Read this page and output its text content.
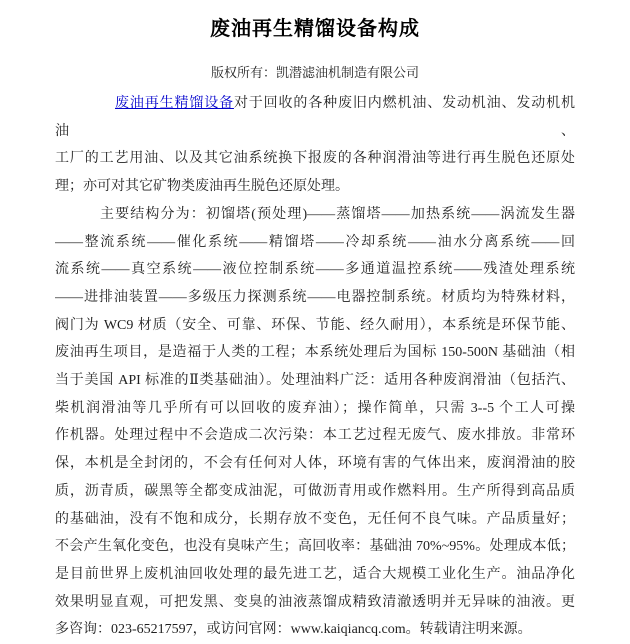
废油再生精馏设备构成
版权所有：凯潜滤油机制造有限公司
废油再生精馏设备对于回收的各种废旧内燃机油、发动机油、发动机机油、
工厂的工艺用油、以及其它油系统换下报废的各种润滑油等进行再生脱色还原处
理；亦可对其它矿物类废油再生脱色还原处理。
主要结构分为：初馏塔(预处理)——蒸馏塔——加热系统——涡流发生器
——整流系统——催化系统——精馏塔——冷却系统——油水分离系统——回
流系统——真空系统——液位控制系统——多通道温控系统——残渣处理系统
——进排油装置——多级压力探测系统——电器控制系统。材质均为特殊材料，
阀门为 WC9 材质（安全、可靠、环保、节能、经久耐用），本系统是环保节能、
废油再生项目，是造福于人类的工程；本系统处理后为国标 150-500N 基础油（相
当于美国 API 标准的Ⅱ类基础油）。处理油料广泛：适用各种废润滑油（包括汽、
柴机润滑油等几乎所有可以回收的废弃油）；操作简单，只需 3--5 个工人可操
作机器。处理过程中不会造成二次污染：本工艺过程无废气、废水排放。非常环
保，本机是全封闭的，不会有任何对人体，环境有害的气体出来，废润滑油的胶
质，沥青质，碳黑等全都变成油泥，可做沥青用或作燃料用。生产所得到高品质
的基础油，没有不饱和成分，长期存放不变色，无任何不良气味。产品质量好；
不会产生氧化变色，也没有臭味产生；高回收率：基础油 70%~95%。处理成本低；
是目前世界上废机油回收处理的最先进工艺，适合大规模工业化生产。油品净化
效果明显直观，可把发黑、变臭的油液蒸馏成精致清澈透明并无异味的油液。更
多咨询：023-65217597，或访问官网：www.kaiqiancq.com。转载请注明来源。
